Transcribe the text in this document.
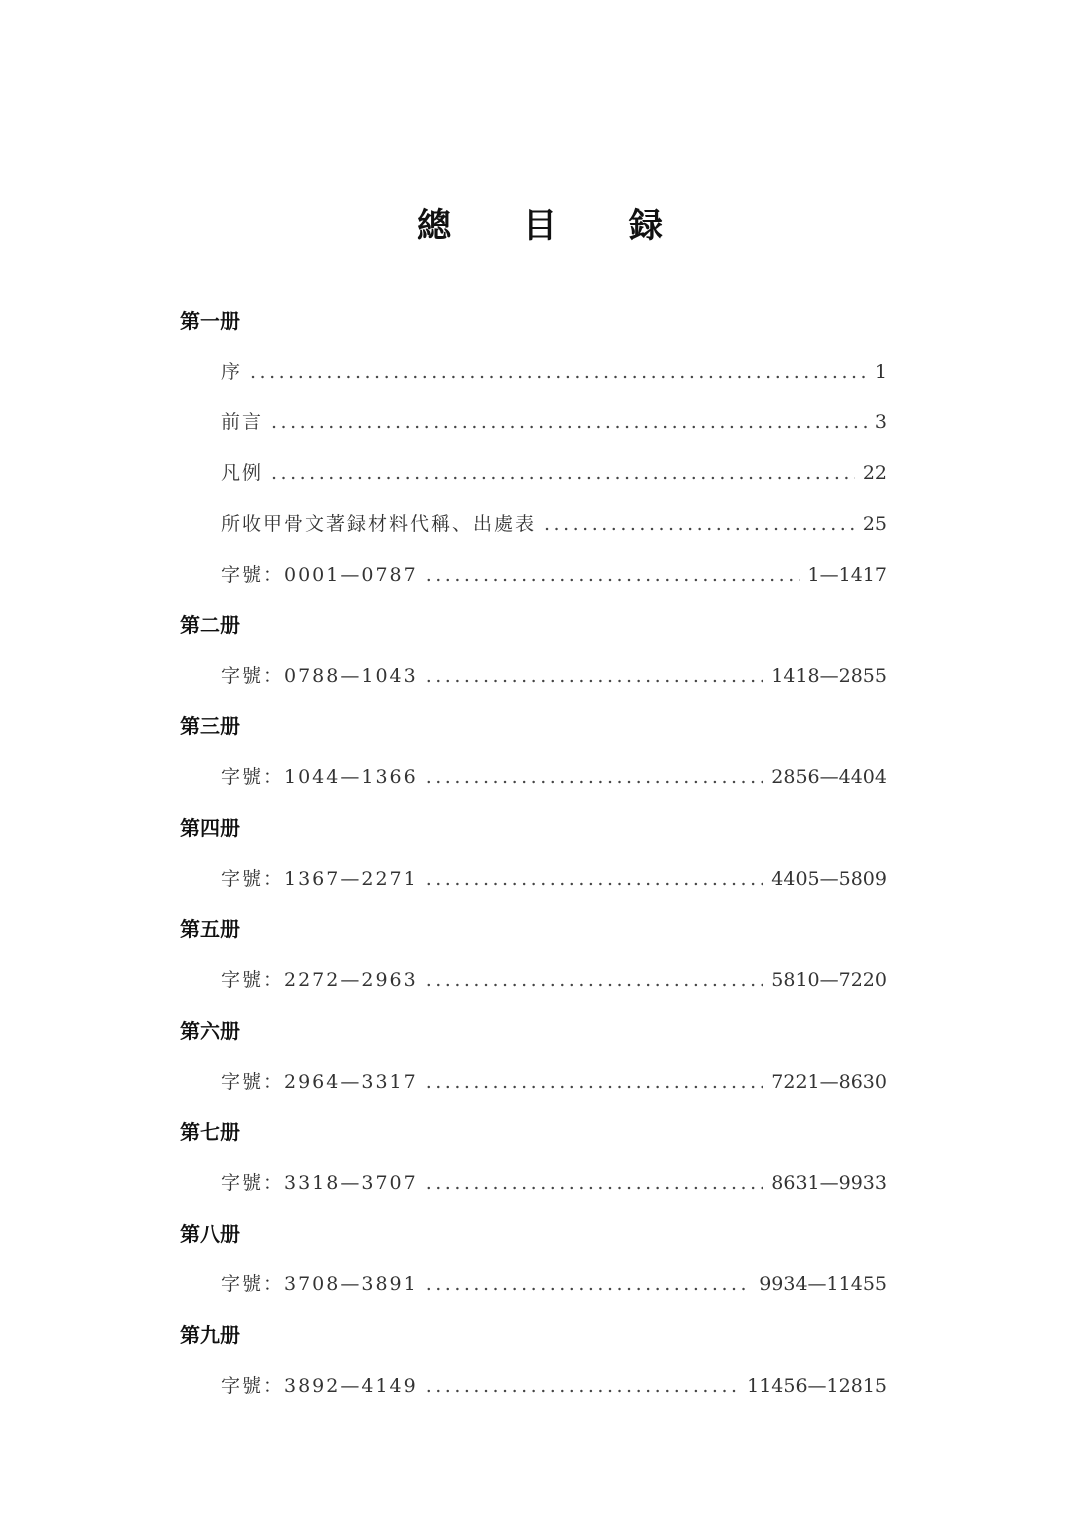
總 目 録
第一册
序 .....	1
前言 .....	3
凡例 .....	22
所收甲骨文著録材料代稱、出處表 .....	25
字號：0001—0787 .....	1—1417
第二册
字號：0788—1043 .....	1418—2855
第三册
字號：1044—1366 .....	2856—4404
第四册
字號：1367—2271 .....	4405—5809
第五册
字號：2272—2963 .....	5810—7220
第六册
字號：2964—3317 .....	7221—8630
第七册
字號：3318—3707 .....	8631—9933
第八册
字號：3708—3891 .....	9934—11455
第九册
字號：3892—4149 .....	11456—12815
